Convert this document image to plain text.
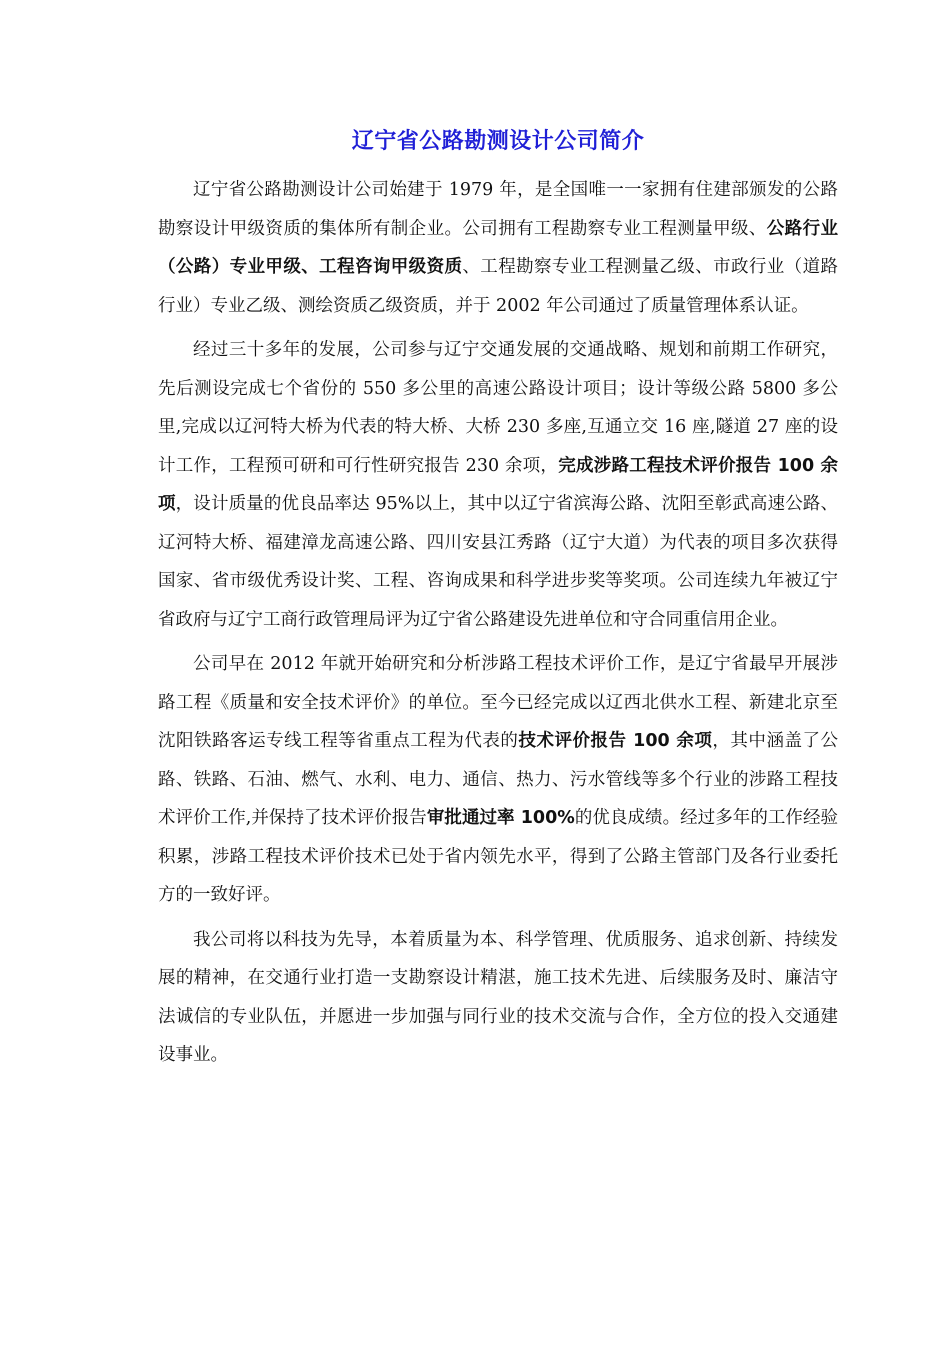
辽宁省公路勘测设计公司简介

辽宁省公路勘测设计公司始建于 1979 年，是全国唯一一家拥有住建部颁发的公路勘察设计甲级资质的集体所有制企业。公司拥有工程勘察专业工程测量甲级、公路行业（公路）专业甲级、工程咨询甲级资质、工程勘察专业工程测量乙级、市政行业（道路行业）专业乙级、测绘资质乙级资质，并于 2002 年公司通过了质量管理体系认证。

经过三十多年的发展，公司参与辽宁交通发展的交通战略、规划和前期工作研究，先后测设完成七个省份的 550 多公里的高速公路设计项目；设计等级公路 5800 多公里,完成以辽河特大桥为代表的特大桥、大桥 230 多座,互通立交 16 座,隧道 27 座的设计工作，工程预可研和可行性研究报告 230 余项，完成涉路工程技术评价报告 100 余项，设计质量的优良品率达 95%以上，其中以辽宁省滨海公路、沈阳至彰武高速公路、辽河特大桥、福建漳龙高速公路、四川安县江秀路（辽宁大道）为代表的项目多次获得国家、省市级优秀设计奖、工程、咨询成果和科学进步奖等奖项。公司连续九年被辽宁省政府与辽宁工商行政管理局评为辽宁省公路建设先进单位和守合同重信用企业。

公司早在 2012 年就开始研究和分析涉路工程技术评价工作，是辽宁省最早开展涉路工程《质量和安全技术评价》的单位。至今已经完成以辽西北供水工程、新建北京至沈阳铁路客运专线工程等省重点工程为代表的技术评价报告 100 余项，其中涵盖了公路、铁路、石油、燃气、水利、电力、通信、热力、污水管线等多个行业的涉路工程技术评价工作,并保持了技术评价报告审批通过率 100%的优良成绩。经过多年的工作经验积累，涉路工程技术评价技术已处于省内领先水平，得到了公路主管部门及各行业委托方的一致好评。

我公司将以科技为先导，本着质量为本、科学管理、优质服务、追求创新、持续发展的精神，在交通行业打造一支勘察设计精湛，施工技术先进、后续服务及时、廉洁守法诚信的专业队伍，并愿进一步加强与同行业的技术交流与合作，全方位的投入交通建设事业。
